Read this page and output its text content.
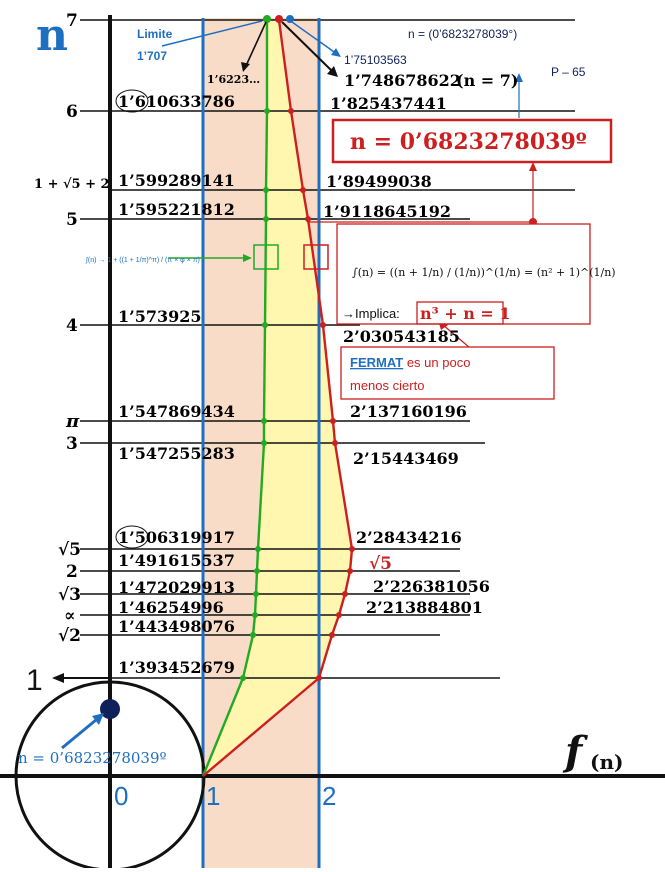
n
f (n)
0	1	2
1
7
6
1 + √5 + 2
5
4
π
3
√5
2
√3
∝
√2
1’610633786
1’599289141
1’595221812
1’573925
1’547869434
1’547255283
1’506319917
1’491615537
1’472029913
1’46254996
1’443498076
1’393452679
1’748678622
(n = 7)
1’825437441
1’89499038
1’9118645192
2’030543185
2’137160196
2’15443469
2’28434216
√5
2’226381056
2’213884801
Limite
1’707
1’6223…
1’75103563
n = (0’6823278039°)
P – 65
n = 0’6823278039º
∫(n) = ((n + 1/n) / (1/n))^(1/n) = (n² + 1)^(1/n)
→Implica: n³ + n = 1
FERMAT es un poco
menos cierto
∫(n) → 1 + ((1 + 1/π)^π) / (π × φ × π)
n = 0’6823278039º
